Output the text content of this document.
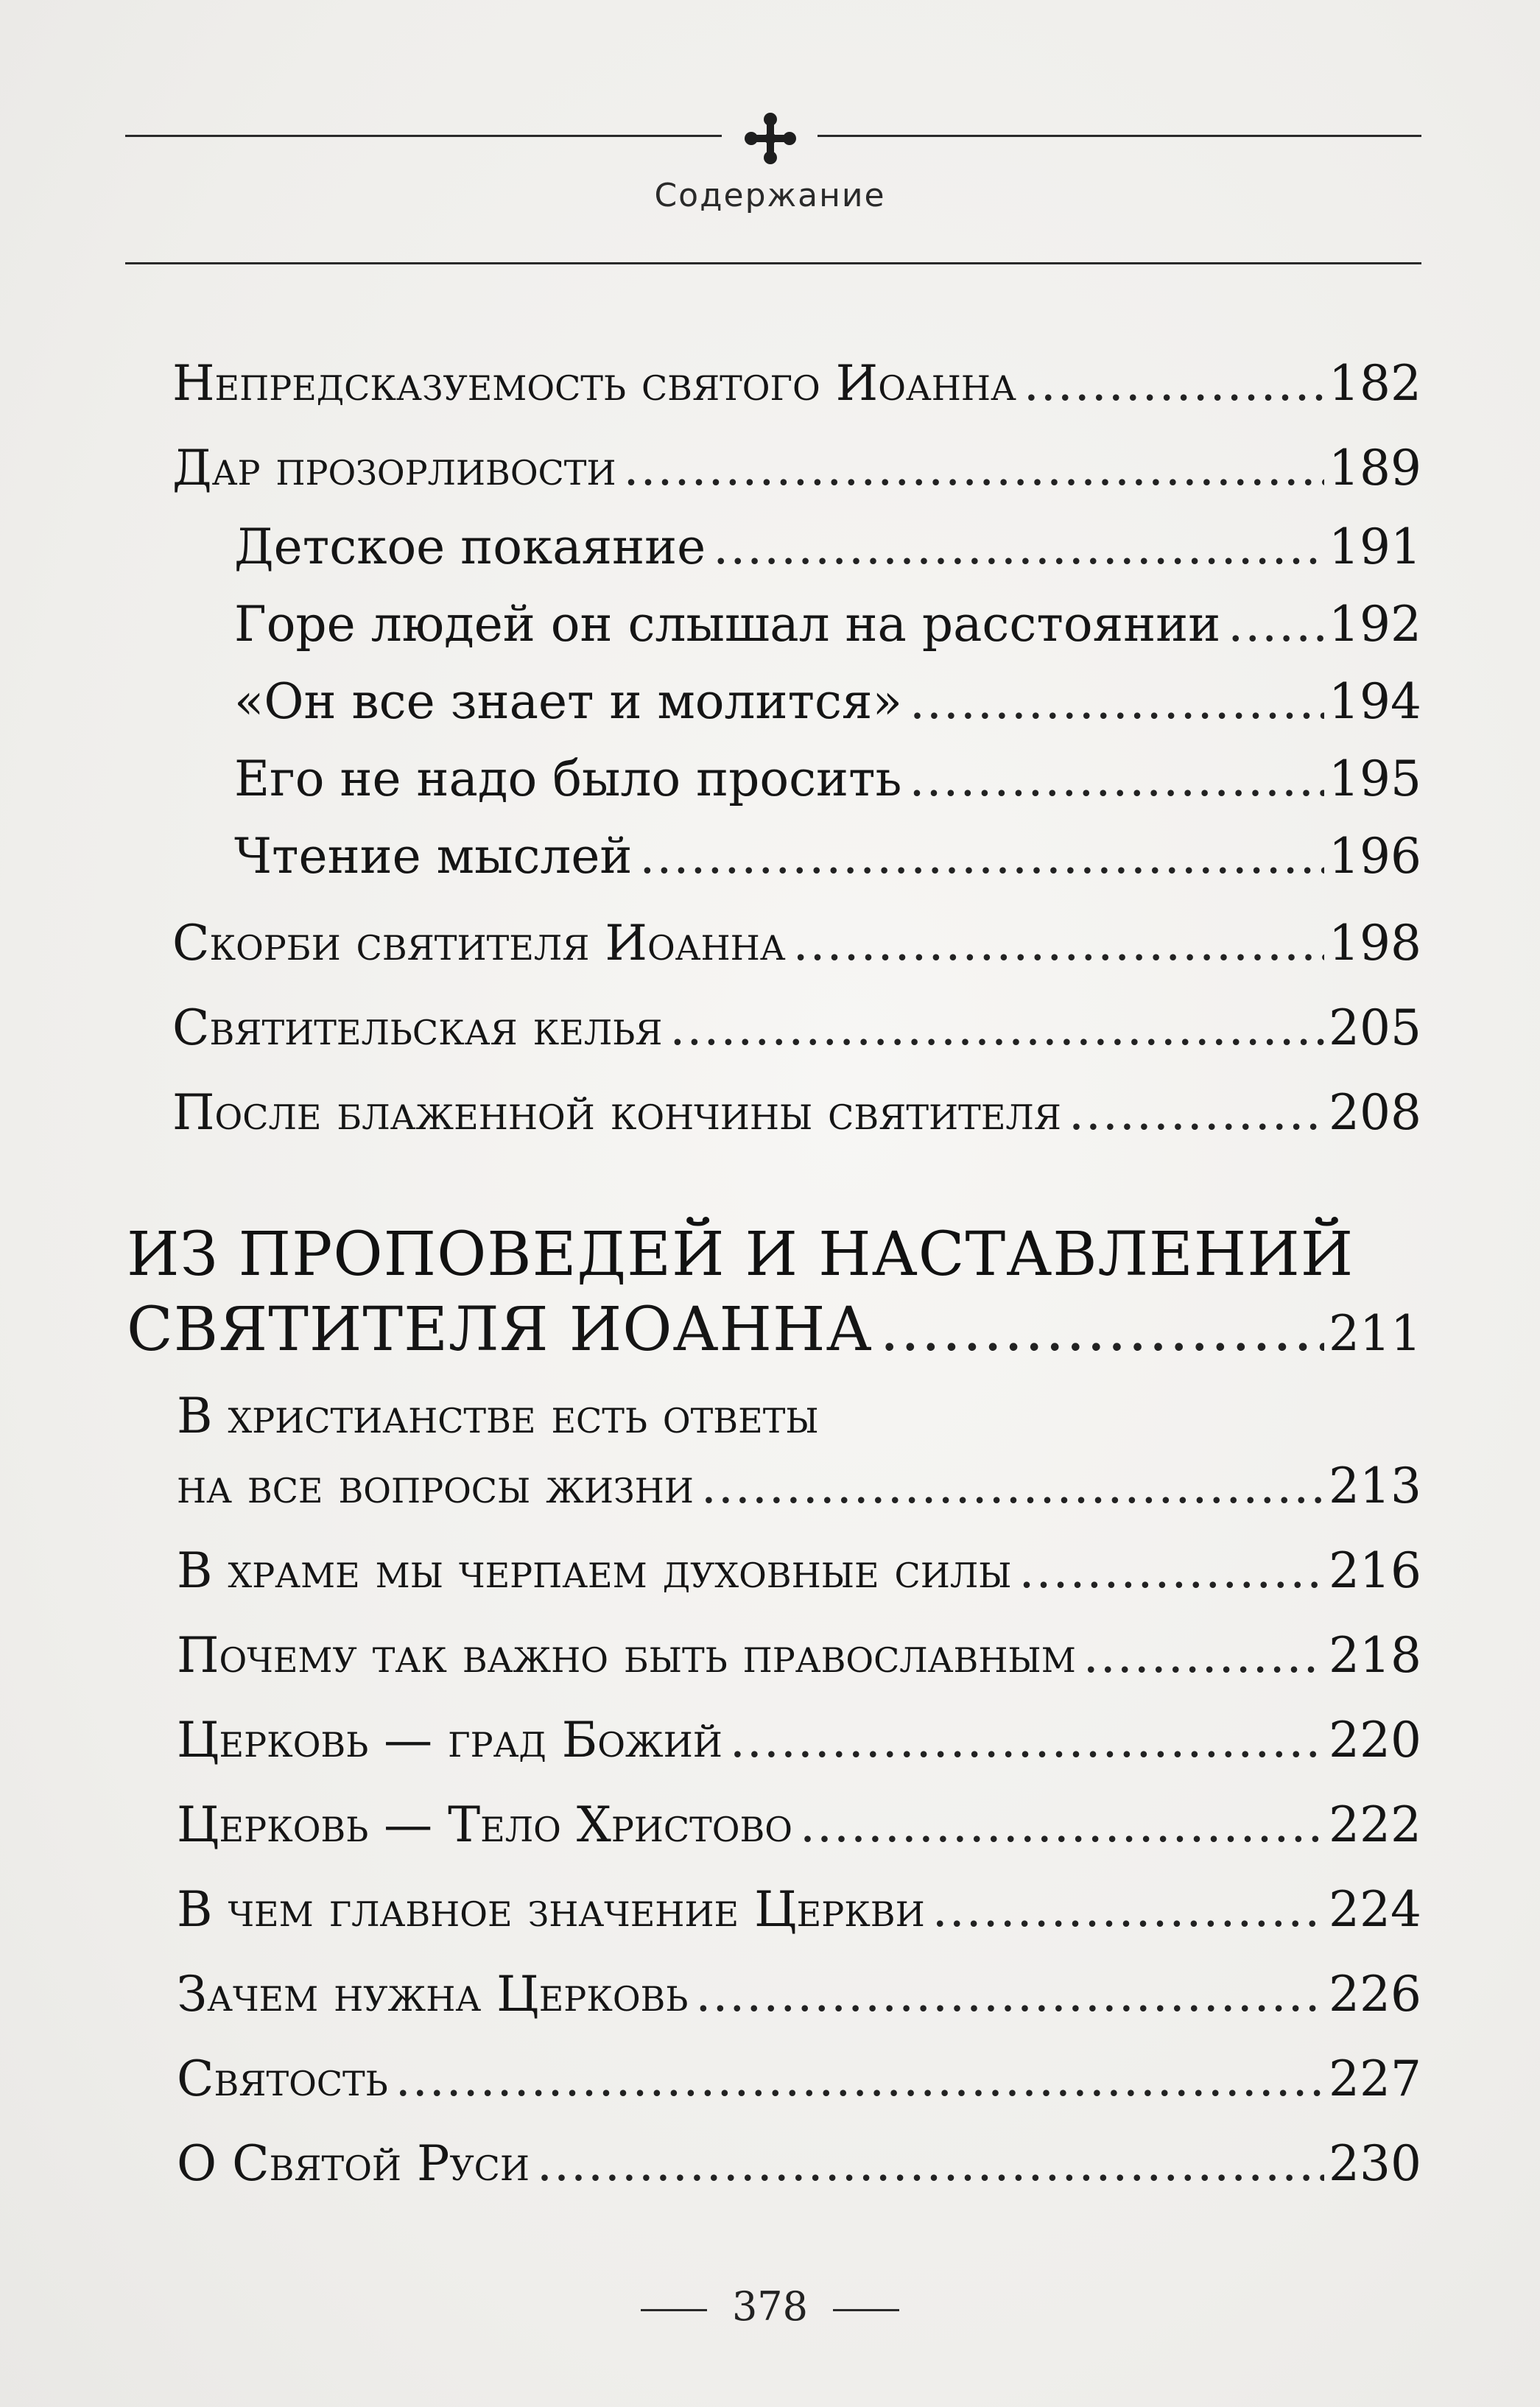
Содержание
Непредсказуемость святого Иоанна .....	182
Дар прозорливости .....	189
Детское покаяние .....	191
Горе людей он слышал на расстоянии ..... 192
«Он все знает и молится» .....	194
Его не надо было просить .....	195
Чтение мыслей .....	196
Скорби святителя Иоанна .....	198
Святительская келья .....	205
После блаженной кончины святителя .....	208
ИЗ ПРОПОВЕДЕЙ И НАСТАВЛЕНИЙ
СВЯТИТЕЛЯ ИОАННА .....	211
В христианстве есть ответы
на все вопросы жизни .....	213
В храме мы черпаем духовные силы .....	216
Почему так важно быть православным .....	218
Церковь — град Божий .....	220
Церковь — Тело Христово .....	222
В чем главное значение Церкви .....	224
Зачем нужна Церковь .....	226
Святость .....	227
О Святой Руси .....	230
378
